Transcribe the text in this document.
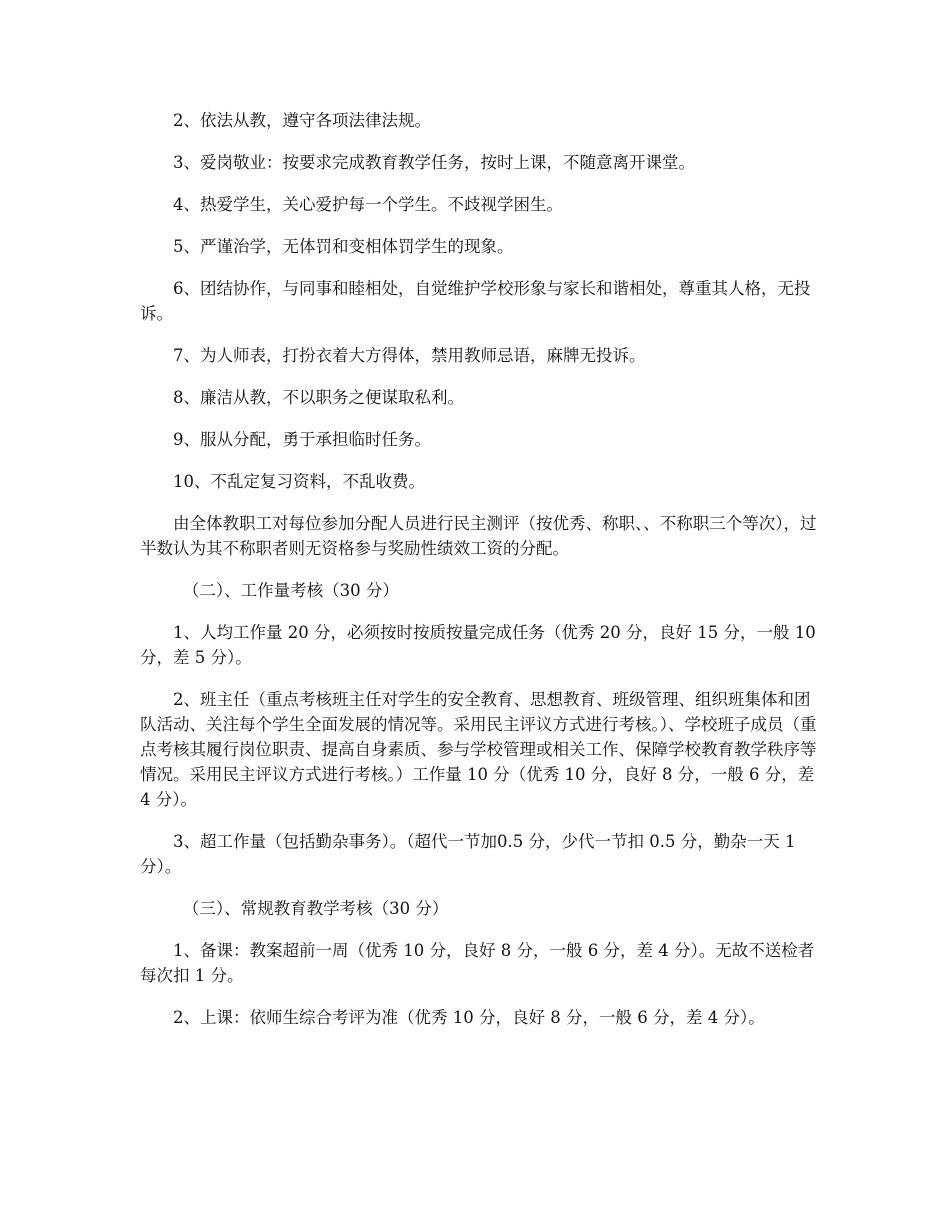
2、依法从教，遵守各项法律法规。

3、爱岗敬业：按要求完成教育教学任务，按时上课，不随意离开课堂。

4、热爱学生，关心爱护每一个学生。不歧视学困生。

5、严谨治学，无体罚和变相体罚学生的现象。

6、团结协作，与同事和睦相处，自觉维护学校形象与家长和谐相处，尊重其人格，无投诉。

7、为人师表，打扮衣着大方得体，禁用教师忌语，麻牌无投诉。

8、廉洁从教，不以职务之便谋取私利。

9、服从分配，勇于承担临时任务。

10、不乱定复习资料，不乱收费。

由全体教职工对每位参加分配人员进行民主测评（按优秀、称职、、不称职三个等次），过半数认为其不称职者则无资格参与奖励性绩效工资的分配。

（二）、工作量考核（30 分）

1、人均工作量 20 分，必须按时按质按量完成任务（优秀 20 分，良好 15 分，一般 10 分，差 5 分）。

2、班主任（重点考核班主任对学生的安全教育、思想教育、班级管理、组织班集体和团队活动、关注每个学生全面发展的情况等。采用民主评议方式进行考核。）、学校班子成员（重点考核其履行岗位职责、提高自身素质、参与学校管理或相关工作、保障学校教育教学秩序等情况。采用民主评议方式进行考核。）工作量 10 分（优秀 10 分，良好 8 分，一般 6 分，差 4 分）。

3、超工作量（包括勤杂事务）。（超代一节加0.5 分，少代一节扣 0.5 分，勤杂一天 1 分）。

（三）、常规教育教学考核（30 分）

1、备课：教案超前一周（优秀 10 分，良好 8 分，一般 6 分，差 4 分）。无故不送检者每次扣 1 分。

2、上课：依师生综合考评为准（优秀 10 分，良好 8 分，一般 6 分，差 4 分）。
